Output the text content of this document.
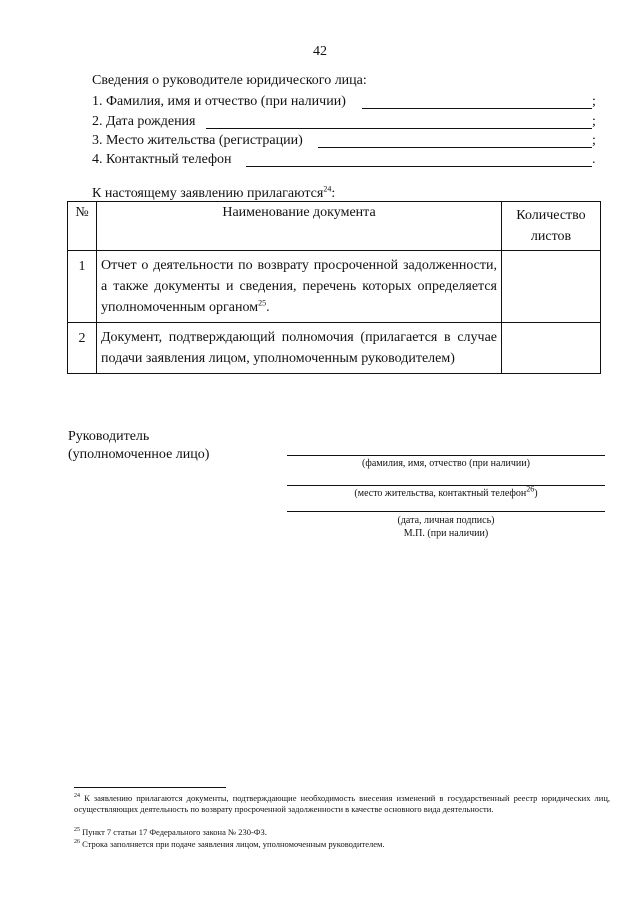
42
Сведения о руководителе юридического лица:
1. Фамилия, имя и отчество (при наличии)	;
2. Дата рождения	;
3. Место жительства (регистрации)	;
4. Контактный телефон	.
К настоящему заявлению прилагаются$^{24}$:
№	Наименование документа	Количество листов
1	Отчет о деятельности по возврату просроченной задолженности, а также документы и сведения, перечень которых определяется уполномоченным органом$^{25}$.	
2	Документ, подтверждающий полномочия (прилагается в случае подачи заявления лицом, уполномоченным руководителем)	
Руководитель
(уполномоченное лицо)
(фамилия, имя, отчество (при наличии)
(место жительства, контактный телефон$^{26}$)
(дата, личная подпись)
М.П. (при наличии)
$^{24}$ К заявлению прилагаются документы, подтверждающие необходимость внесения изменений в государственный реестр юридических лиц, осуществляющих деятельность по возврату просроченной задолженности в качестве основного вида деятельности.
$^{25}$ Пункт 7 статьи 17 Федерального закона № 230-ФЗ.
$^{26}$ Строка заполняется при подаче заявления лицом, уполномоченным руководителем.
